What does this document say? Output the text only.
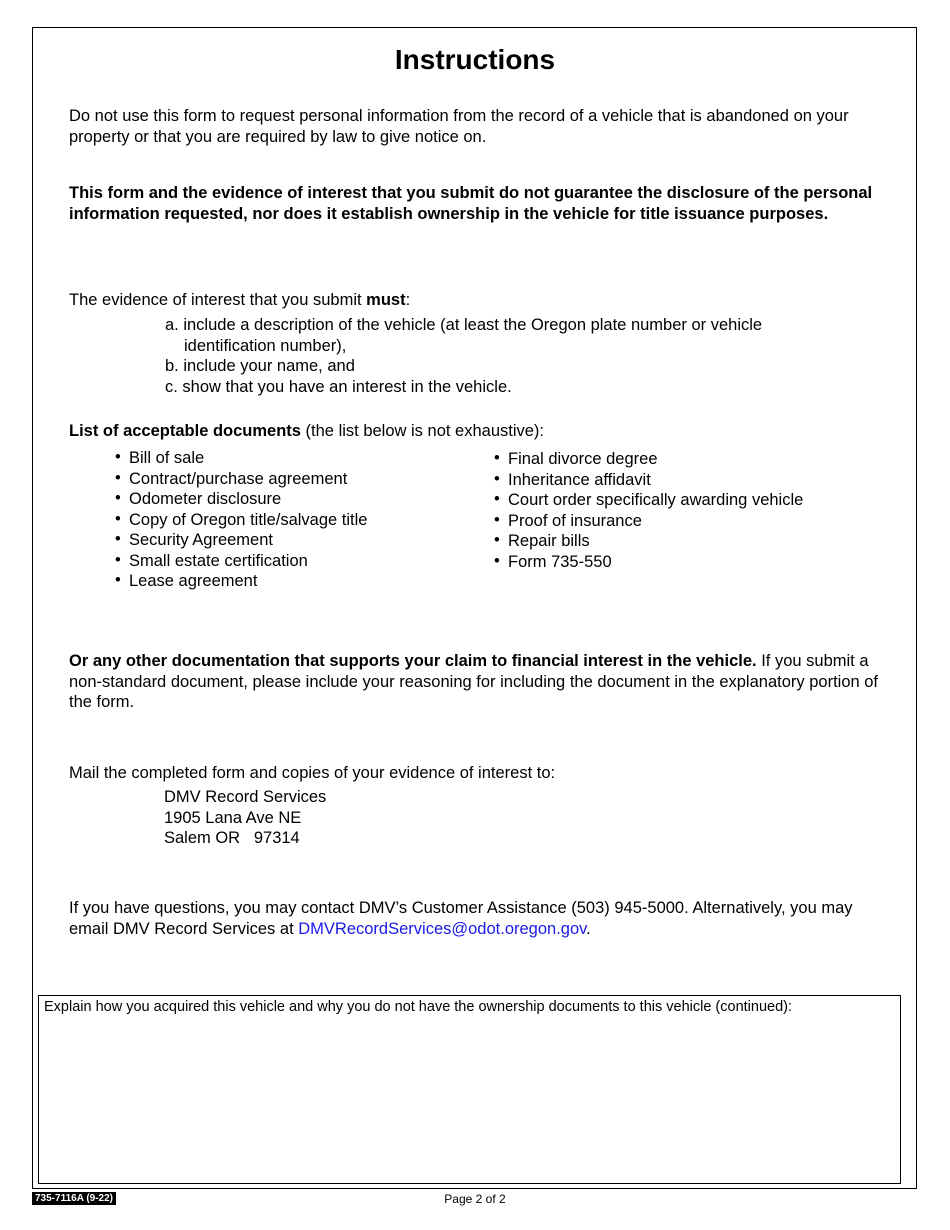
Instructions
Do not use this form to request personal information from the record of a vehicle that is abandoned on your property or that you are required by law to give notice on.
This form and the evidence of interest that you submit do not guarantee the disclosure of the personal information requested, nor does it establish ownership in the vehicle for title issuance purposes.
The evidence of interest that you submit must:
a. include a description of the vehicle (at least the Oregon plate number or vehicle
identification number),
b. include your name, and
c. show that you have an interest in the vehicle.
List of acceptable documents (the list below is not exhaustive):
• Bill of sale
• Contract/purchase agreement
• Odometer disclosure
• Copy of Oregon title/salvage title
• Security Agreement
• Small estate certification
• Lease agreement
• Final divorce degree
• Inheritance affidavit
• Court order specifically awarding vehicle
• Proof of insurance
• Repair bills
• Form 735-550
Or any other documentation that supports your claim to financial interest in the vehicle. If you submit a non-standard document, please include your reasoning for including the document in the explanatory portion of the form.
Mail the completed form and copies of your evidence of interest to:
DMV Record Services
1905 Lana Ave NE
Salem OR   97314
If you have questions, you may contact DMV’s Customer Assistance (503) 945-5000. Alternatively, you may email DMV Record Services at DMVRecordServices@odot.oregon.gov.
Explain how you acquired this vehicle and why you do not have the ownership documents to this vehicle (continued):
735-7116A (9-22)	Page 2 of 2
